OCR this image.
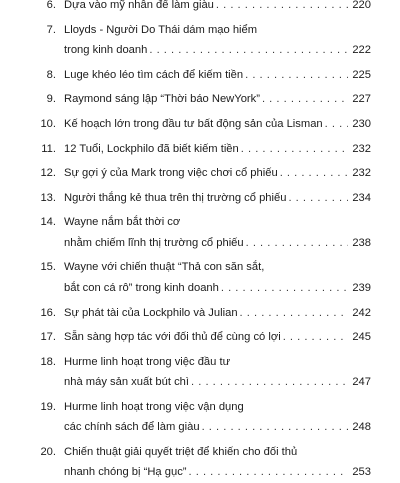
6. Dựa vào mỹ nhân để làm giàu . . .	220
7. Lloyds - Người Do Thái dám mạo hiểm
trong kinh doanh . . .	222
8. Luge khéo léo tìm cách để kiếm tiền . . .	225
9. Raymond sáng lập “Thời báo NewYork” . . .	227
10. Kế hoạch lớn trong đầu tư bất động sản của Lisman . . .	230
11. 12 Tuổi, Lockphilo đã biết kiếm tiền . . .	232
12. Sự gợi ý của Mark trong việc chơi cổ phiếu . . .	232
13. Người thắng kẻ thua trên thị trường cổ phiếu . . .	234
14. Wayne nắm bắt thời cơ
nhằm chiếm lĩnh thị trường cổ phiếu . . .	238
15. Wayne với chiến thuật “Thả con săn sắt,
bắt con cá rô” trong kinh doanh . . .	239
16. Sự phát tài của Lockphilo và Julian . . .	242
17. Sẵn sàng hợp tác với đối thủ để cùng có lợi . . .	245
18. Hurme linh hoạt trong việc đầu tư
nhà máy sản xuất bút chì . . .	247
19. Hurme linh hoạt trong việc vận dụng
các chính sách để làm giàu . . .	248
20. Chiến thuật giải quyết triệt để khiến cho đối thủ
nhanh chóng bị “Hạ gục” . . .	253
